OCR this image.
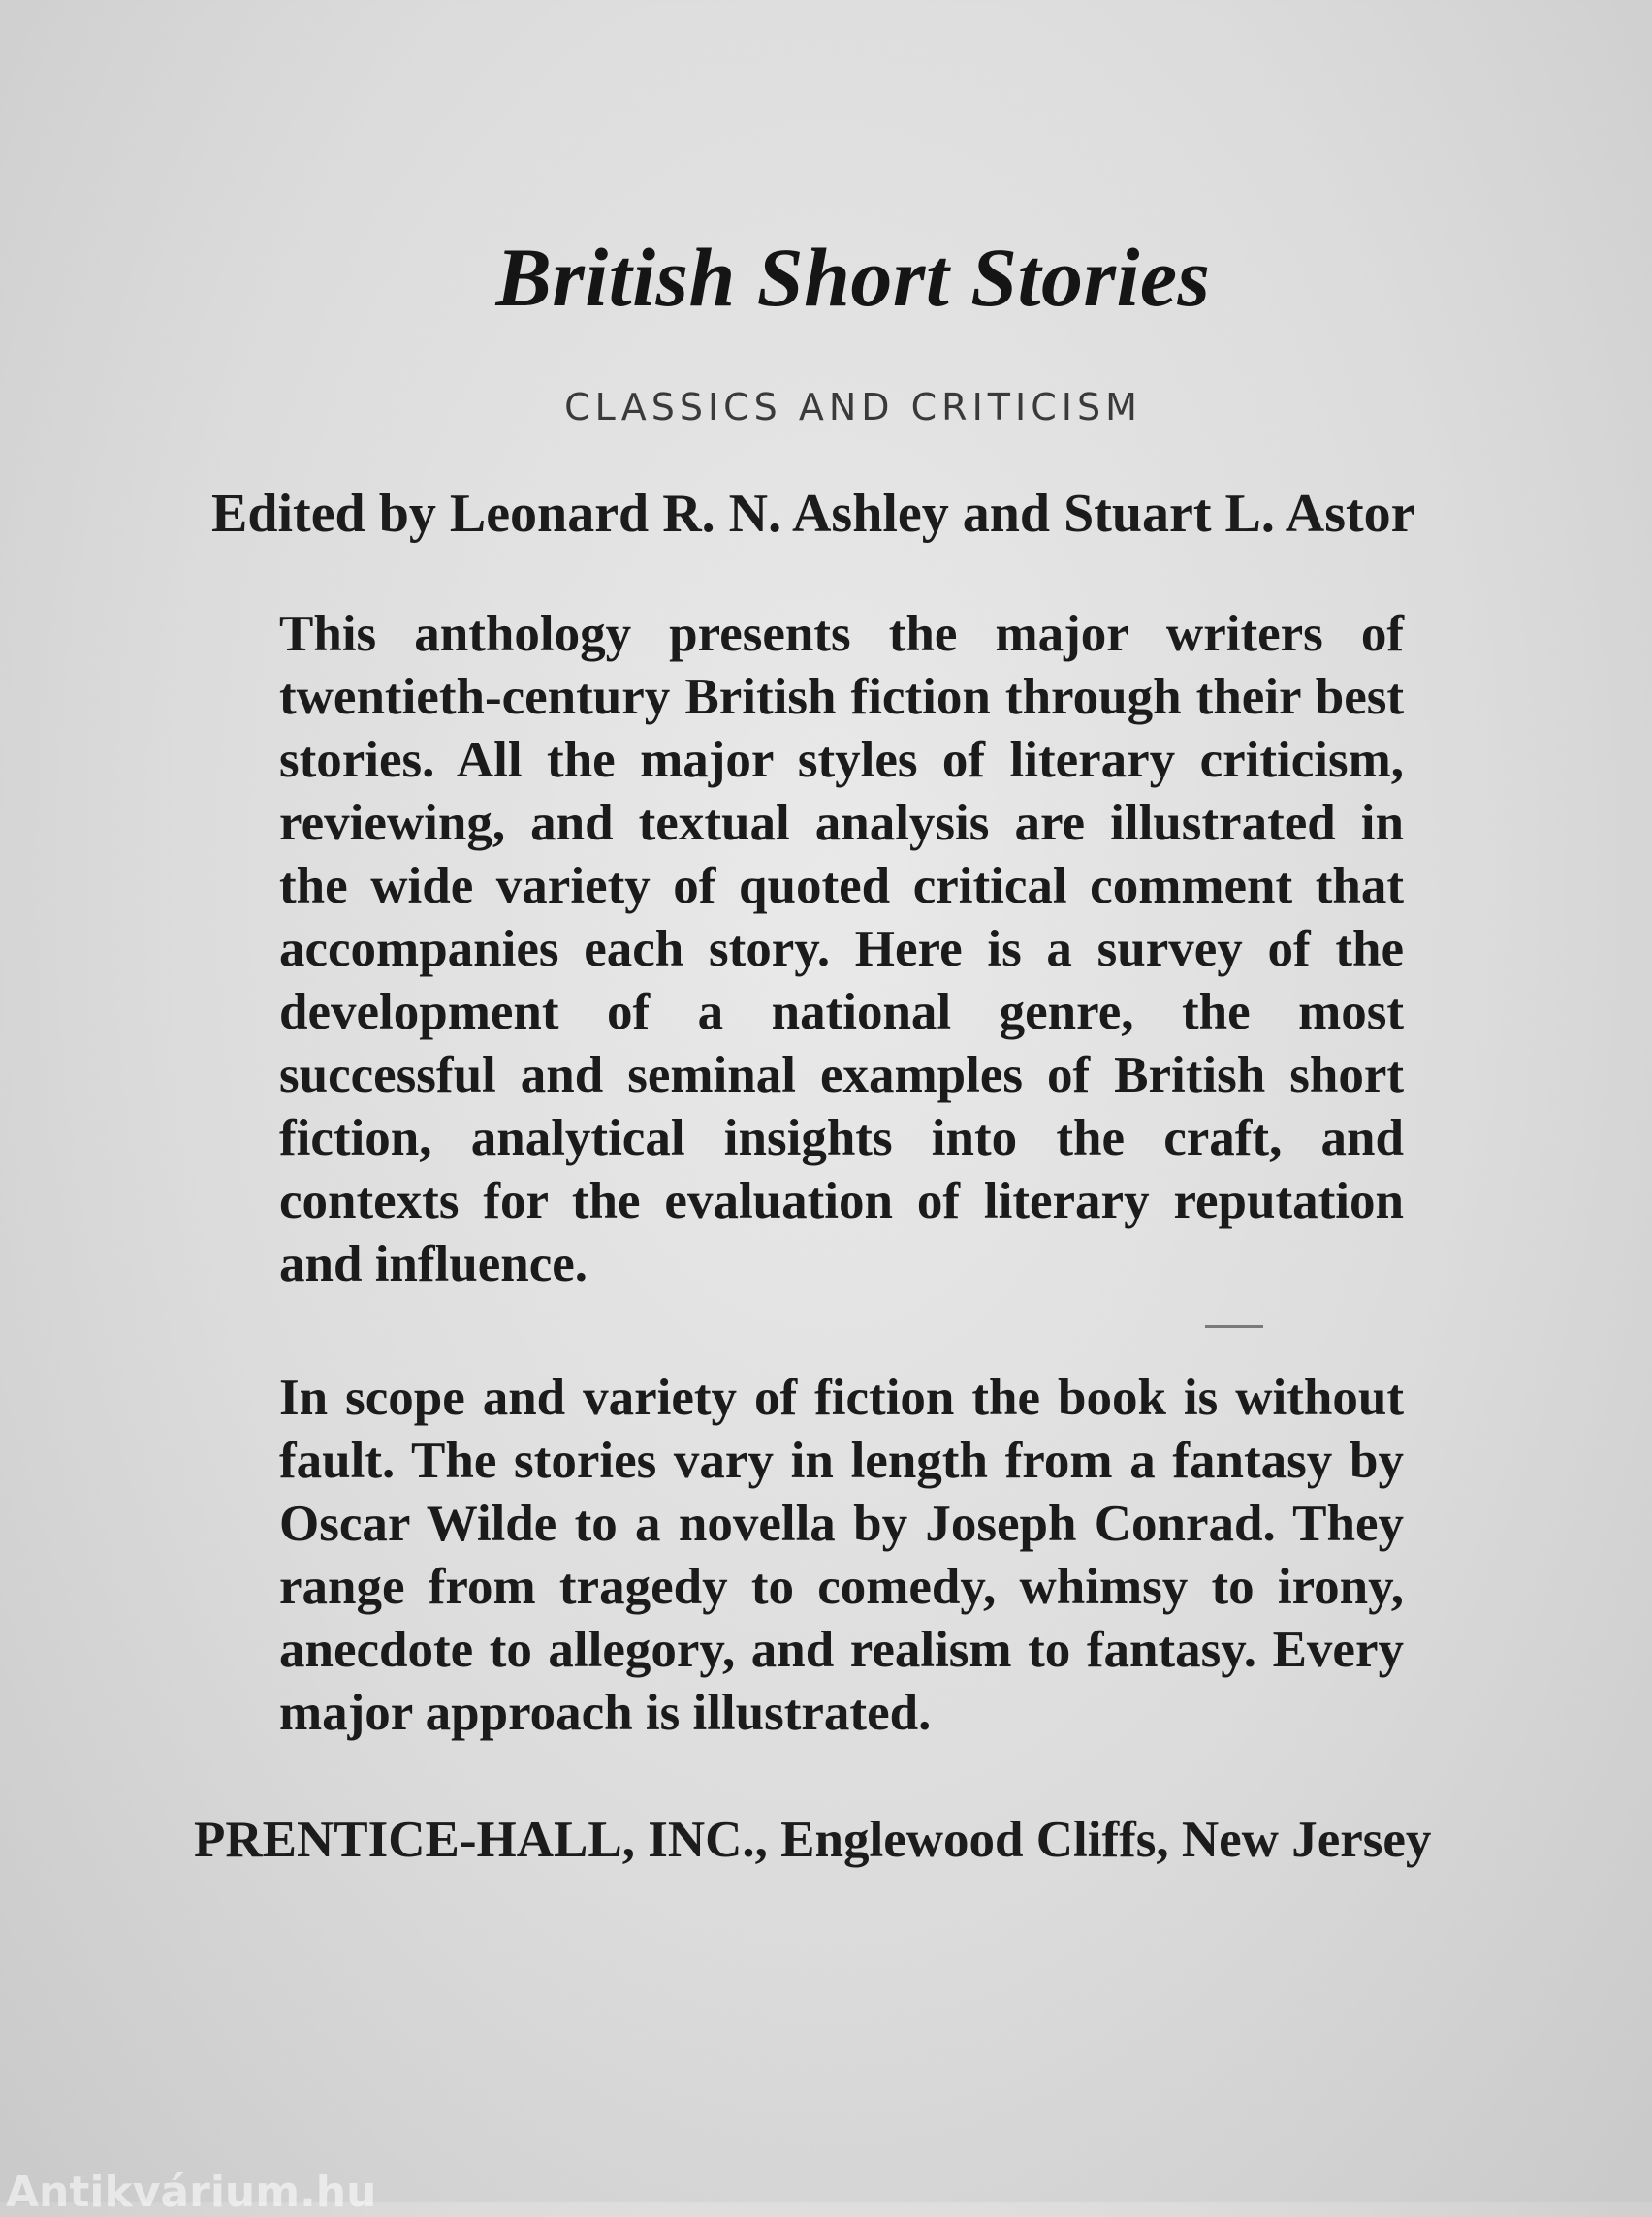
British Short Stories
CLASSICS AND CRITICISM
Edited by Leonard R. N. Ashley and Stuart L. Astor

This anthology presents the major writers of twentieth-century British fiction through their best stories. All the major styles of literary criticism, reviewing, and textual analysis are illustrated in the wide variety of quoted critical comment that accompanies each story. Here is a survey of the development of a national genre, the most successful and seminal examples of British short fiction, analytical insights into the craft, and contexts for the evaluation of literary reputation and influence.

In scope and variety of fiction the book is without fault. The stories vary in length from a fantasy by Oscar Wilde to a novella by Joseph Conrad. They range from tragedy to comedy, whimsy to irony, anecdote to allegory, and realism to fantasy. Every major approach is illustrated.

PRENTICE-HALL, INC., Englewood Cliffs, New Jersey
Antikvárium.hu
